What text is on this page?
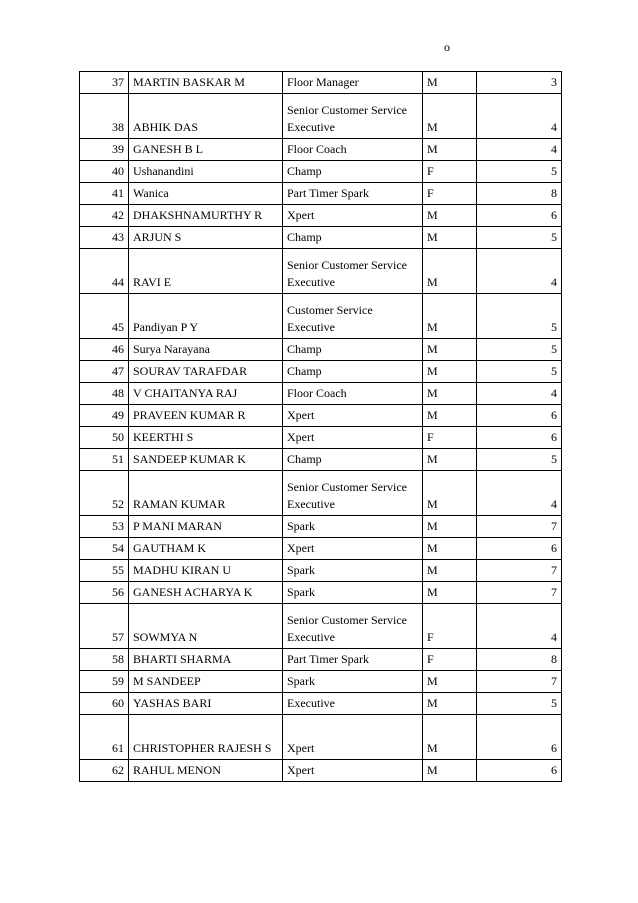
o
37	MARTIN BASKAR M	Floor Manager	M	3
38	ABHIK DAS	Senior Customer Service Executive	M	4
39	GANESH B L	Floor Coach	M	4
40	Ushanandini	Champ	F	5
41	Wanica	Part Timer Spark	F	8
42	DHAKSHNAMURTHY R	Xpert	M	6
43	ARJUN S	Champ	M	5
44	RAVI E	Senior Customer Service Executive	M	4
45	Pandiyan P Y	Customer Service Executive	M	5
46	Surya Narayana	Champ	M	5
47	SOURAV TARAFDAR	Champ	M	5
48	V CHAITANYA RAJ	Floor Coach	M	4
49	PRAVEEN KUMAR R	Xpert	M	6
50	KEERTHI S	Xpert	F	6
51	SANDEEP KUMAR K	Champ	M	5
52	RAMAN KUMAR	Senior Customer Service Executive	M	4
53	P MANI MARAN	Spark	M	7
54	GAUTHAM K	Xpert	M	6
55	MADHU KIRAN U	Spark	M	7
56	GANESH ACHARYA K	Spark	M	7
57	SOWMYA N	Senior Customer Service Executive	F	4
58	BHARTI SHARMA	Part Timer Spark	F	8
59	M SANDEEP	Spark	M	7
60	YASHAS BARI	Executive	M	5
61	CHRISTOPHER RAJESH S	Xpert	M	6
62	RAHUL MENON	Xpert	M	6
